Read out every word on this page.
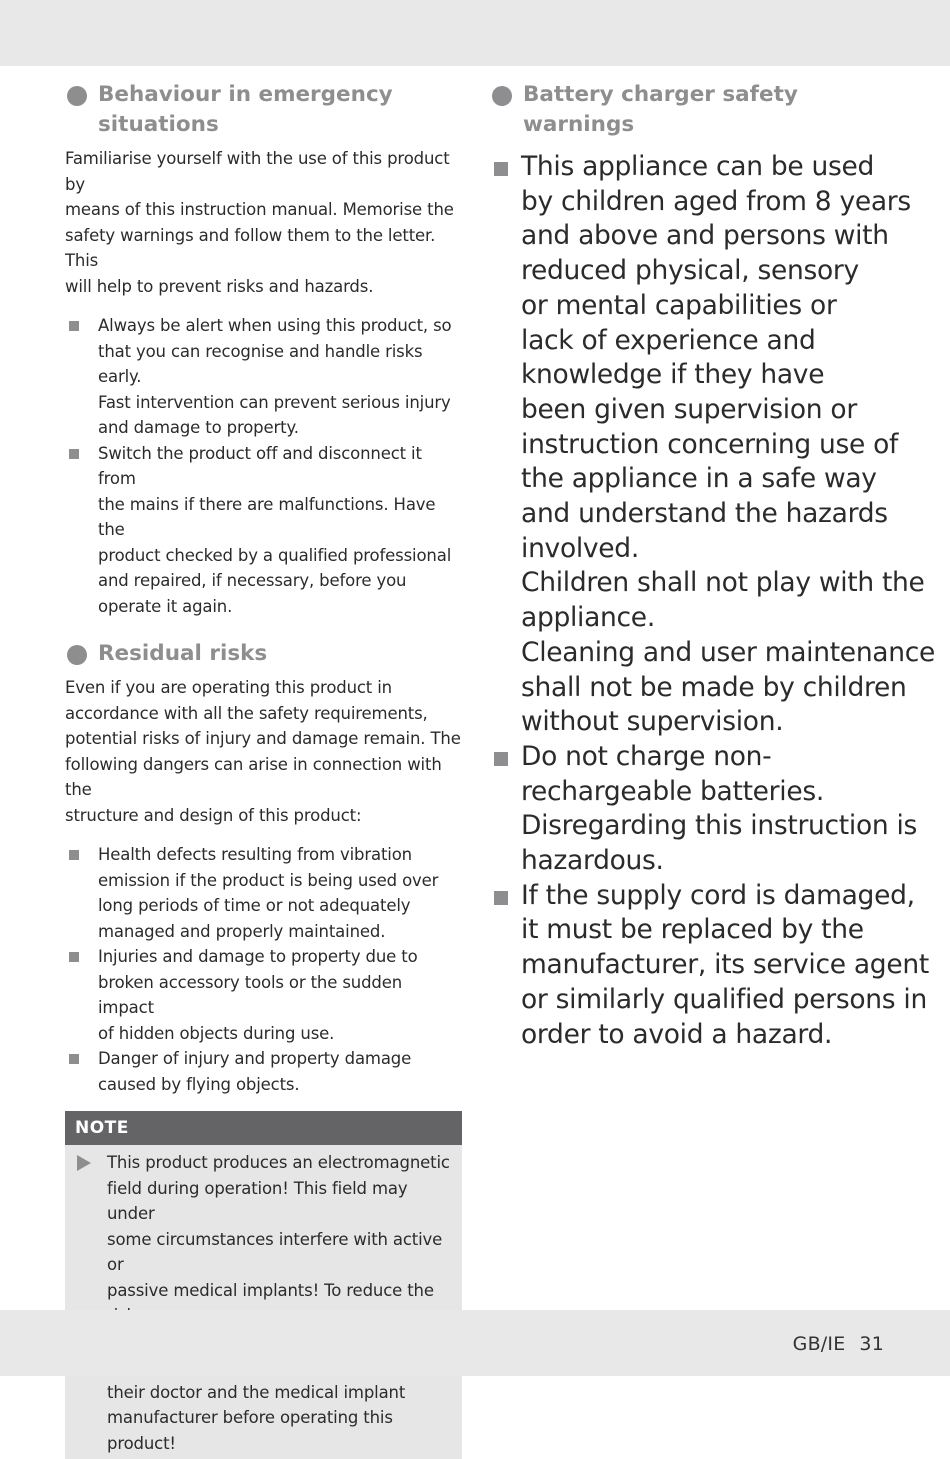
Behaviour in emergency
situations

Familiarise yourself with the use of this product by
means of this instruction manual. Memorise the
safety warnings and follow them to the letter. This
will help to prevent risks and hazards.

Always be alert when using this product, so
that you can recognise and handle risks early.
Fast intervention can prevent serious injury
and damage to property.
Switch the product off and disconnect it from
the mains if there are malfunctions. Have the
product checked by a qualified professional
and repaired, if necessary, before you
operate it again.
Residual risks

Even if you are operating this product in
accordance with all the safety requirements,
potential risks of injury and damage remain. The
following dangers can arise in connection with the
structure and design of this product:

Health defects resulting from vibration
emission if the product is being used over
long periods of time or not adequately
managed and properly maintained.
Injuries and damage to property due to
broken accessory tools or the sudden impact
of hidden objects during use.
Danger of injury and property damage
caused by flying objects.
NOTE
This product produces an electromagnetic
field during operation! This field may under
some circumstances interfere with active or
passive medical implants! To reduce the

their doctor and the medical implant
manufacturer before operating this product!
Battery charger safety
warnings
This appliance can be used
by children aged from 8 years
and above and persons with
reduced physical, sensory
or mental capabilities or
lack of experience and
knowledge if they have
been given supervision or
instruction concerning use of
the appliance in a safe way
and understand the hazards
involved.
Children shall not play with the
appliance.
Cleaning and user maintenance
shall not be made by children
without supervision.
Do not charge non-
rechargeable batteries.
Disregarding this instruction is
hazardous.
If the supply cord is damaged,
it must be replaced by the
manufacturer, its service agent
or similarly qualified persons in
order to avoid a hazard.
GB/IE 31
